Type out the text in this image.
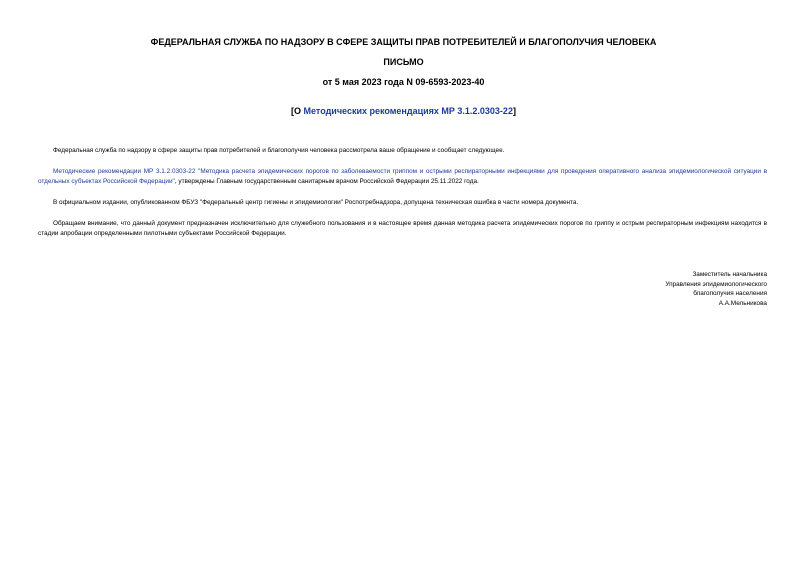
ФЕДЕРАЛЬНАЯ СЛУЖБА ПО НАДЗОРУ В СФЕРЕ ЗАЩИТЫ ПРАВ ПОТРЕБИТЕЛЕЙ И БЛАГОПОЛУЧИЯ ЧЕЛОВЕКА
ПИСЬМО
от 5 мая 2023 года N 09-6593-2023-40
[О Методических рекомендациях МР 3.1.2.0303-22]

Федеральная служба по надзору в сфере защиты прав потребителей и благополучия человека рассмотрела ваше обращение и сообщает следующее.

Методические рекомендации МР 3.1.2.0303-22 "Методика расчета эпидемических порогов по заболеваемости гриппом и острыми респираторными инфекциями для проведения оперативного анализа эпидемиологической ситуации в отдельных субъектах Российской Федерации", утверждены Главным государственным санитарным врачом Российской Федерации 25.11.2022 года.

В официальном издании, опубликованном ФБУЗ "Федеральный центр гигиены и эпидемиологии" Роспотребнадзора, допущена техническая ошибка в части номера документа.

Обращаем внимание, что данный документ предназначен исключительно для служебного пользования и в настоящее время данная методика расчета эпидемических порогов по гриппу и острым респираторным инфекциям находится в стадии апробации определенными пилотными субъектами Российской Федерации.

Заместитель начальника
Управления эпидемиологического
благополучия населения
А.А.Мельникова
